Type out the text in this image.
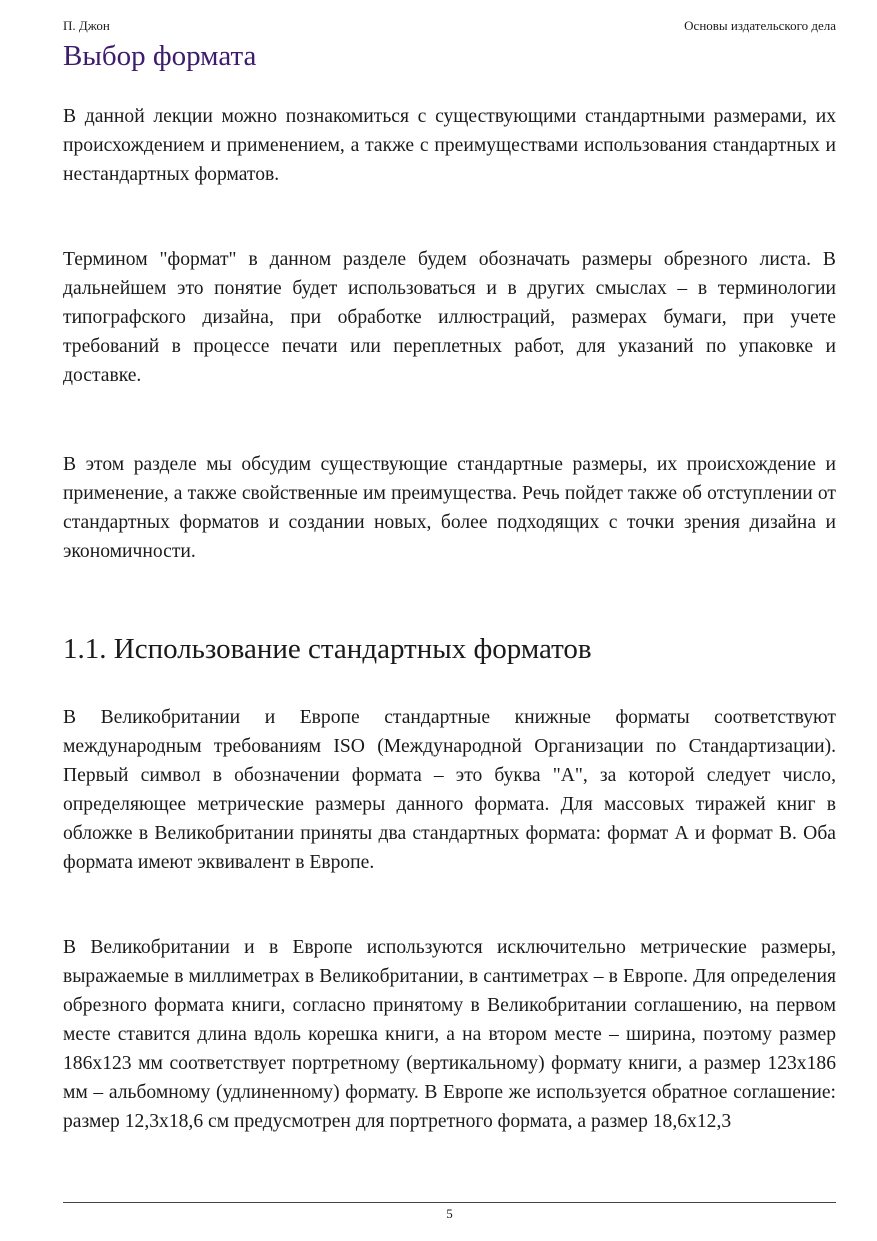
П. Джон	Основы издательского дела
Выбор формата

В данной лекции можно познакомиться с существующими стандартными размерами, их происхождением и применением, а также с преимуществами использования стандартных и нестандартных форматов.

Термином "формат" в данном разделе будем обозначать размеры обрезного листа. В дальнейшем это понятие будет использоваться и в других смыслах – в терминологии типографского дизайна, при обработке иллюстраций, размерах бумаги, при учете требований в процессе печати или переплетных работ, для указаний по упаковке и доставке.

В этом разделе мы обсудим существующие стандартные размеры, их происхождение и применение, а также свойственные им преимущества. Речь пойдет также об отступлении от стандартных форматов и создании новых, более подходящих с точки зрения дизайна и экономичности.

1.1. Использование стандартных форматов

В Великобритании и Европе стандартные книжные форматы соответствуют международным требованиям ISO (Международной Организации по Стандартизации). Первый символ в обозначении формата – это буква "А", за которой следует число, определяющее метрические размеры данного формата. Для массовых тиражей книг в обложке в Великобритании приняты два стандартных формата: формат А и формат В. Оба формата имеют эквивалент в Европе.

В Великобритании и в Европе используются исключительно метрические размеры, выражаемые в миллиметрах в Великобритании, в сантиметрах – в Европе. Для определения обрезного формата книги, согласно принятому в Великобритании соглашению, на первом месте ставится длина вдоль корешка книги, а на втором месте – ширина, поэтому размер 186x123 мм соответствует портретному (вертикальному) формату книги, а размер 123x186 мм – альбомному (удлиненному) формату. В Европе же используется обратное соглашение: размер 12,3x18,6 см предусмотрен для портретного формата, а размер 18,6x12,3

5
